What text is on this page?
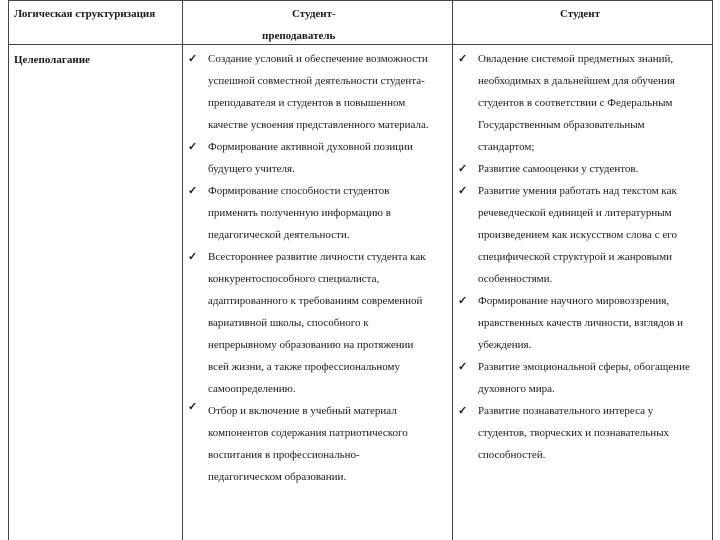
Логическая структуризация	Студент-
преподаватель
Студент
Целеполагание	Создание условий и обеспечение возможности
успешной совместной деятельности студента-
преподавателя и студентов в повышенном
качестве усвоения представленного материала.
Формирование активной духовной позиции
будущего учителя.
Формирование способности студентов
применять полученную информацию в
педагогической деятельности.
Всестороннее развитие личности студента как
конкурентоспособного специалиста,
адаптированного к требованиям современной
вариативной школы, способного к
непрерывному образованию на протяжении
всей жизни, а также профессиональному
самоопределению.
Отбор и включение в учебный материал
компонентов содержания патриотического
воспитания в профессионально-
педагогическом образовании.
✓
✓
✓
✓
✓
Овладение системой предметных знаний,
необходимых в дальнейшем для обучения
студентов в соответствии с Федеральным
Государственным образовательным
стандартом;
Развитие самооценки у студентов.
Развитие умения работать над текстом как
речеведческой единицей и литературным
произведением как искусством слова с его
специфической структурой и жанровыми
особенностями.
Формирование научного мировоззрения,
нравственных качеств личности, взглядов и
убеждения.
Развитие эмоциональной сферы, обогащение
духовного мира.
Развитие познавательного интереса у
студентов, творческих и познавательных
способностей.
✓
✓
✓
✓
✓
✓
